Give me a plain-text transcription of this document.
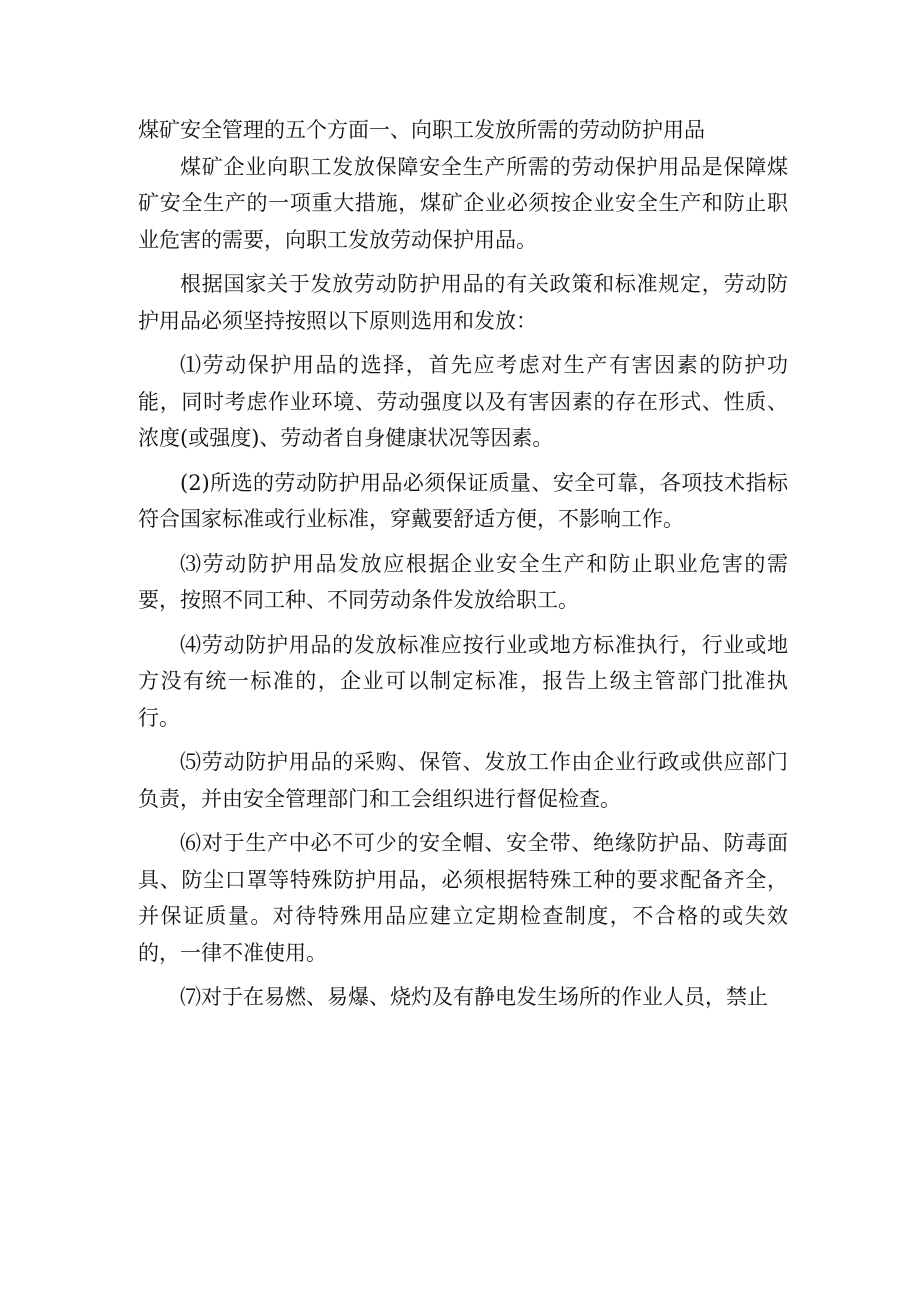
煤矿安全管理的五个方面一、向职工发放所需的劳动防护用品

煤矿企业向职工发放保障安全生产所需的劳动保护用品是保障煤矿安全生产的一项重大措施，煤矿企业必须按企业安全生产和防止职业危害的需要，向职工发放劳动保护用品。

根据国家关于发放劳动防护用品的有关政策和标准规定，劳动防护用品必须坚持按照以下原则选用和发放：

⑴劳动保护用品的选择，首先应考虑对生产有害因素的防护功能，同时考虑作业环境、劳动强度以及有害因素的存在形式、性质、浓度(或强度)、劳动者自身健康状况等因素。

(2)所选的劳动防护用品必须保证质量、安全可靠，各项技术指标符合国家标准或行业标准，穿戴要舒适方便，不影响工作。

⑶劳动防护用品发放应根据企业安全生产和防止职业危害的需要，按照不同工种、不同劳动条件发放给职工。

⑷劳动防护用品的发放标准应按行业或地方标准执行，行业或地方没有统一标准的，企业可以制定标准，报告上级主管部门批准执行。

⑸劳动防护用品的采购、保管、发放工作由企业行政或供应部门负责，并由安全管理部门和工会组织进行督促检查。

⑹对于生产中必不可少的安全帽、安全带、绝缘防护品、防毒面具、防尘口罩等特殊防护用品，必须根据特殊工种的要求配备齐全，并保证质量。对待特殊用品应建立定期检查制度，不合格的或失效的，一律不准使用。

⑺对于在易燃、易爆、烧灼及有静电发生场所的作业人员，禁止
